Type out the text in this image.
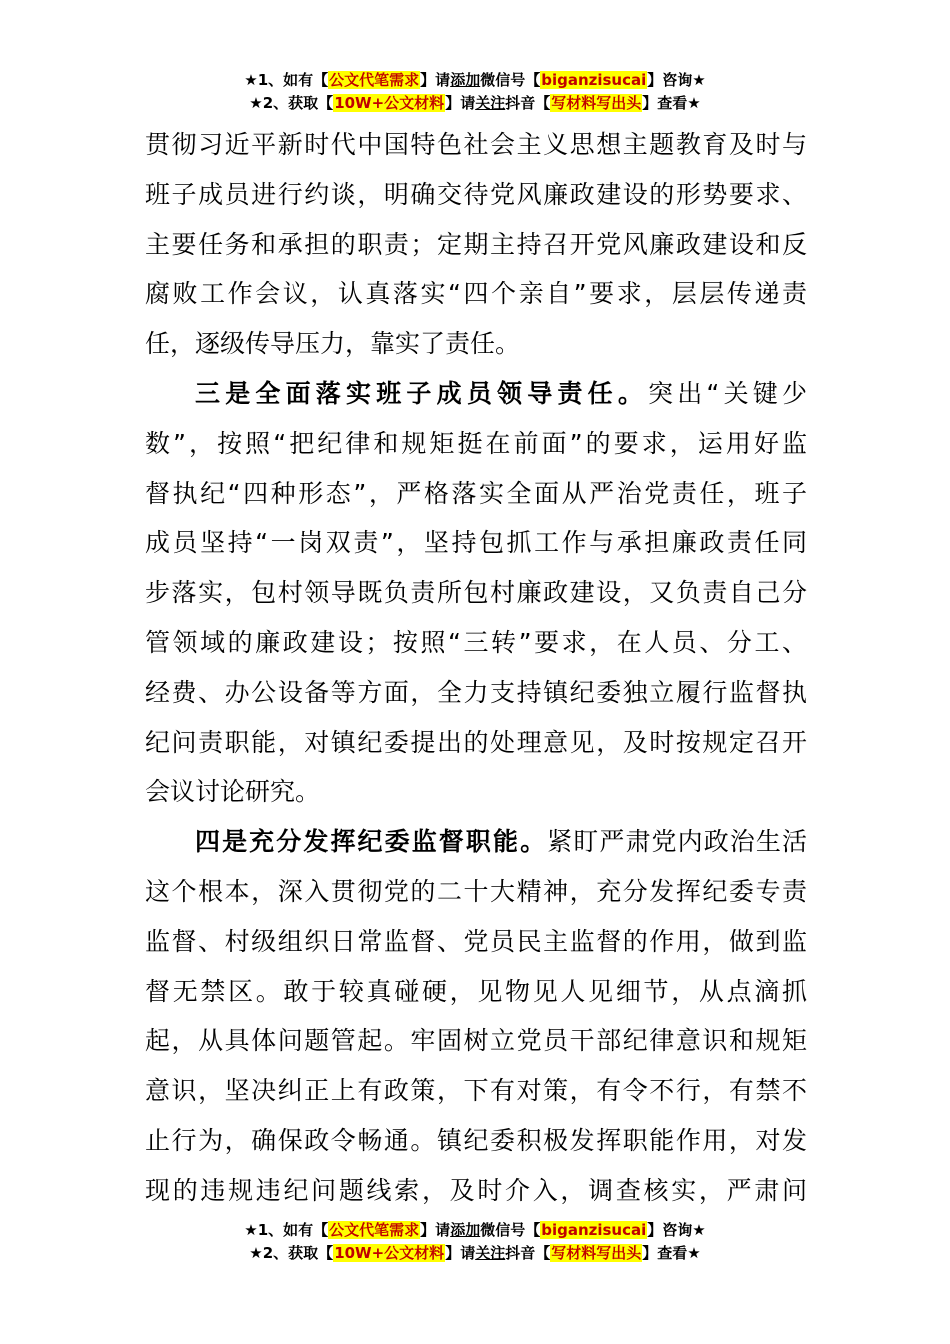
★1、如有【公文代笔需求】请添加微信号【biganzisucai】咨询★
★2、获取【10W+公文材料】请关注抖音【写材料写出头】查看★
贯彻习近平新时代中国特色社会主义思想主题教育及时与
班子成员进行约谈，明确交待党风廉政建设的形势要求、
主要任务和承担的职责；定期主持召开党风廉政建设和反
腐败工作会议，认真落实“四个亲自”要求，层层传递责
任，逐级传导压力，靠实了责任。
三是全面落实班子成员领导责任。突出“关键少
数”，按照“把纪律和规矩挺在前面”的要求，运用好监
督执纪“四种形态”，严格落实全面从严治党责任，班子
成员坚持“一岗双责”，坚持包抓工作与承担廉政责任同
步落实，包村领导既负责所包村廉政建设，又负责自己分
管领域的廉政建设；按照“三转”要求，在人员、分工、
经费、办公设备等方面，全力支持镇纪委独立履行监督执
纪问责职能，对镇纪委提出的处理意见，及时按规定召开
会议讨论研究。
四是充分发挥纪委监督职能。紧盯严肃党内政治生活
这个根本，深入贯彻党的二十大精神，充分发挥纪委专责
监督、村级组织日常监督、党员民主监督的作用，做到监
督无禁区。敢于较真碰硬，见物见人见细节，从点滴抓
起，从具体问题管起。牢固树立党员干部纪律意识和规矩
意识，坚决纠正上有政策，下有对策，有令不行，有禁不
止行为，确保政令畅通。镇纪委积极发挥职能作用，对发
现的违规违纪问题线索，及时介入，调查核实，严肃问
★1、如有【公文代笔需求】请添加微信号【biganzisucai】咨询★
★2、获取【10W+公文材料】请关注抖音【写材料写出头】查看★
